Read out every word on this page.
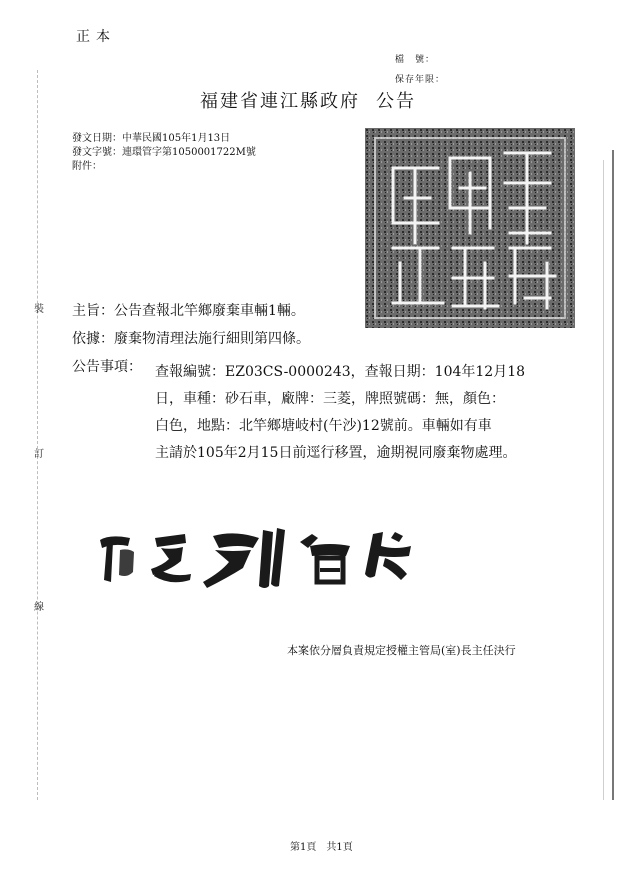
正本
檔　號：
保存年限：
福建省連江縣政府 公告
發文日期：中華民國105年1月13日
發文字號：連環管字第1050001722M號
附件：
裝
訂
線
主旨：公告查報北竿鄉廢棄車輛1輛。
依據：廢棄物清理法施行細則第四條。
公告事項： 查報編號：EZ03CS-0000243，查報日期：104年12月18
日，車種：砂石車，廠牌：三菱，牌照號碼：無，顏色：
白色，地點：北竿鄉塘岐村(午沙)12號前。車輛如有車
主請於105年2月15日前逕行移置，逾期視同廢棄物處理。
本案依分層負責規定授權主管局(室)長主任決行
第1頁 共1頁
